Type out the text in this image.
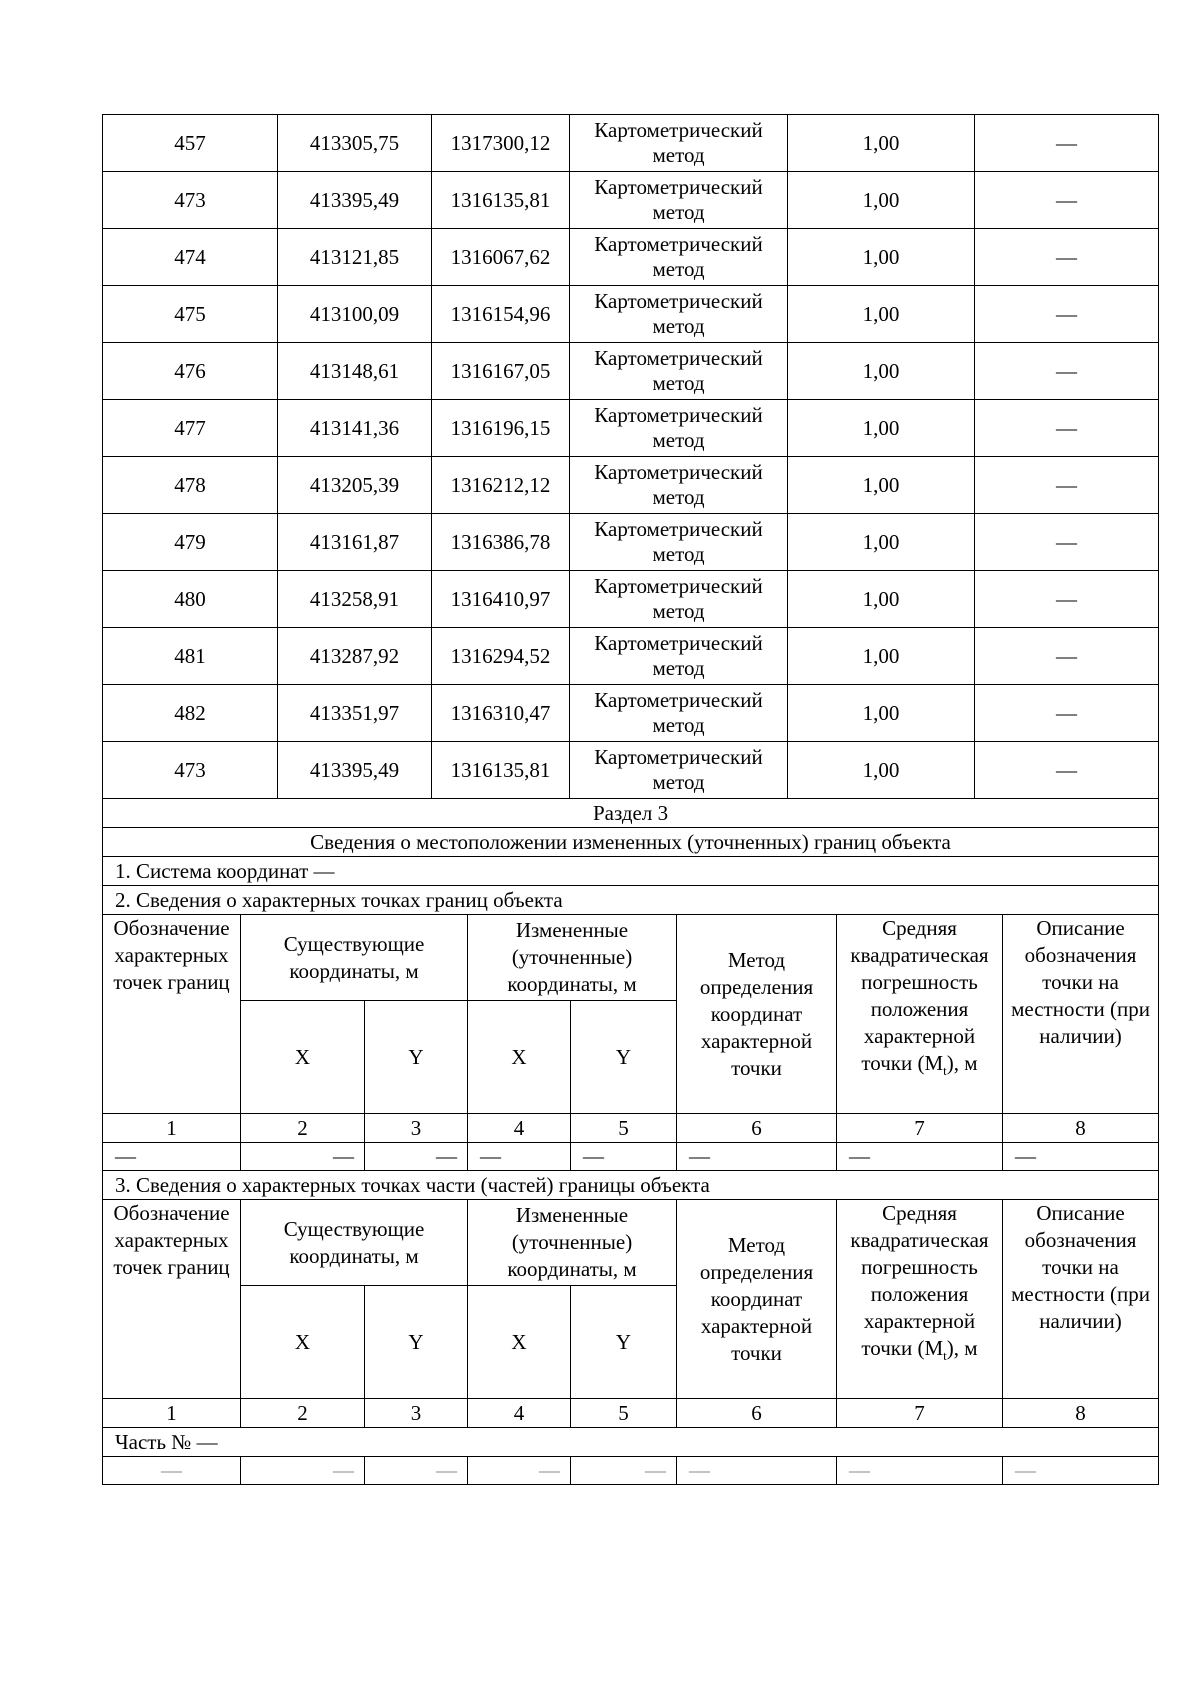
457	413305,75	1317300,12	Картометрический метод	1,00	—
473	413395,49	1316135,81	Картометрический метод	1,00	—
474	413121,85	1316067,62	Картометрический метод	1,00	—
475	413100,09	1316154,96	Картометрический метод	1,00	—
476	413148,61	1316167,05	Картометрический метод	1,00	—
477	413141,36	1316196,15	Картометрический метод	1,00	—
478	413205,39	1316212,12	Картометрический метод	1,00	—
479	413161,87	1316386,78	Картометрический метод	1,00	—
480	413258,91	1316410,97	Картометрический метод	1,00	—
481	413287,92	1316294,52	Картометрический метод	1,00	—
482	413351,97	1316310,47	Картометрический метод	1,00	—
473	413395,49	1316135,81	Картометрический метод	1,00	—
Раздел 3							
Сведения о местоположении измененных (уточненных) границ объекта							
1. Система координат —							
2. Сведения о характерных точках границ объекта							
Обозначение характерных точек границ	Существующие координаты, м		Измененные (уточненные) координаты, м		Метод определения координат характерной точки	Средняя квадратическая погрешность положения характерной точки $(M_t)$, м	Описание обозначения точки на местности (при наличии)
	X	Y	X	Y			
1	2	3	4	5	6	7	8
—	—	—	—	—	—	—	—
3. Сведения о характерных точках части (частей) границы объекта							
Обозначение характерных точек границ	Существующие координаты, м		Измененные (уточненные) координаты, м		Метод определения координат характерной точки	Средняя квадратическая погрешность положения характерной точки $(M_t)$, м	Описание обозначения точки на местности (при наличии)
	X	Y	X	Y			
1	2	3	4	5	6	7	8
Часть № —							
—	—	—	—	—	—	—	—
